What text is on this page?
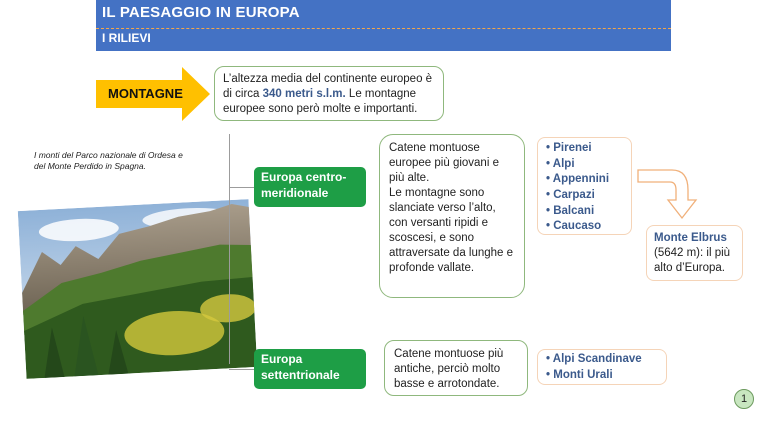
IL PAESAGGIO IN EUROPA
I RILIEVI
MONTAGNE
L’altezza media del continente europeo è di circa 340 metri s.l.m. Le montagne europee sono però molte e importanti.
I monti del Parco nazionale di Ordesa e del Monte Perdido in Spagna.
Europa centro-meridionale
Catene montuose europee più giovani e più alte.
Le montagne sono slanciate verso l’alto, con versanti ripidi e scoscesi, e sono attraversate da lunghe e profonde vallate.
• Pirenei
• Alpi
• Appennini
• Carpazi
• Balcani
• Caucaso
Monte Elbrus (5642 m): il più alto d’Europa.
Europa settentrionale
Catene montuose più antiche, perciò molto basse e arrotondate.
• Alpi Scandinave
• Monti Urali
1
